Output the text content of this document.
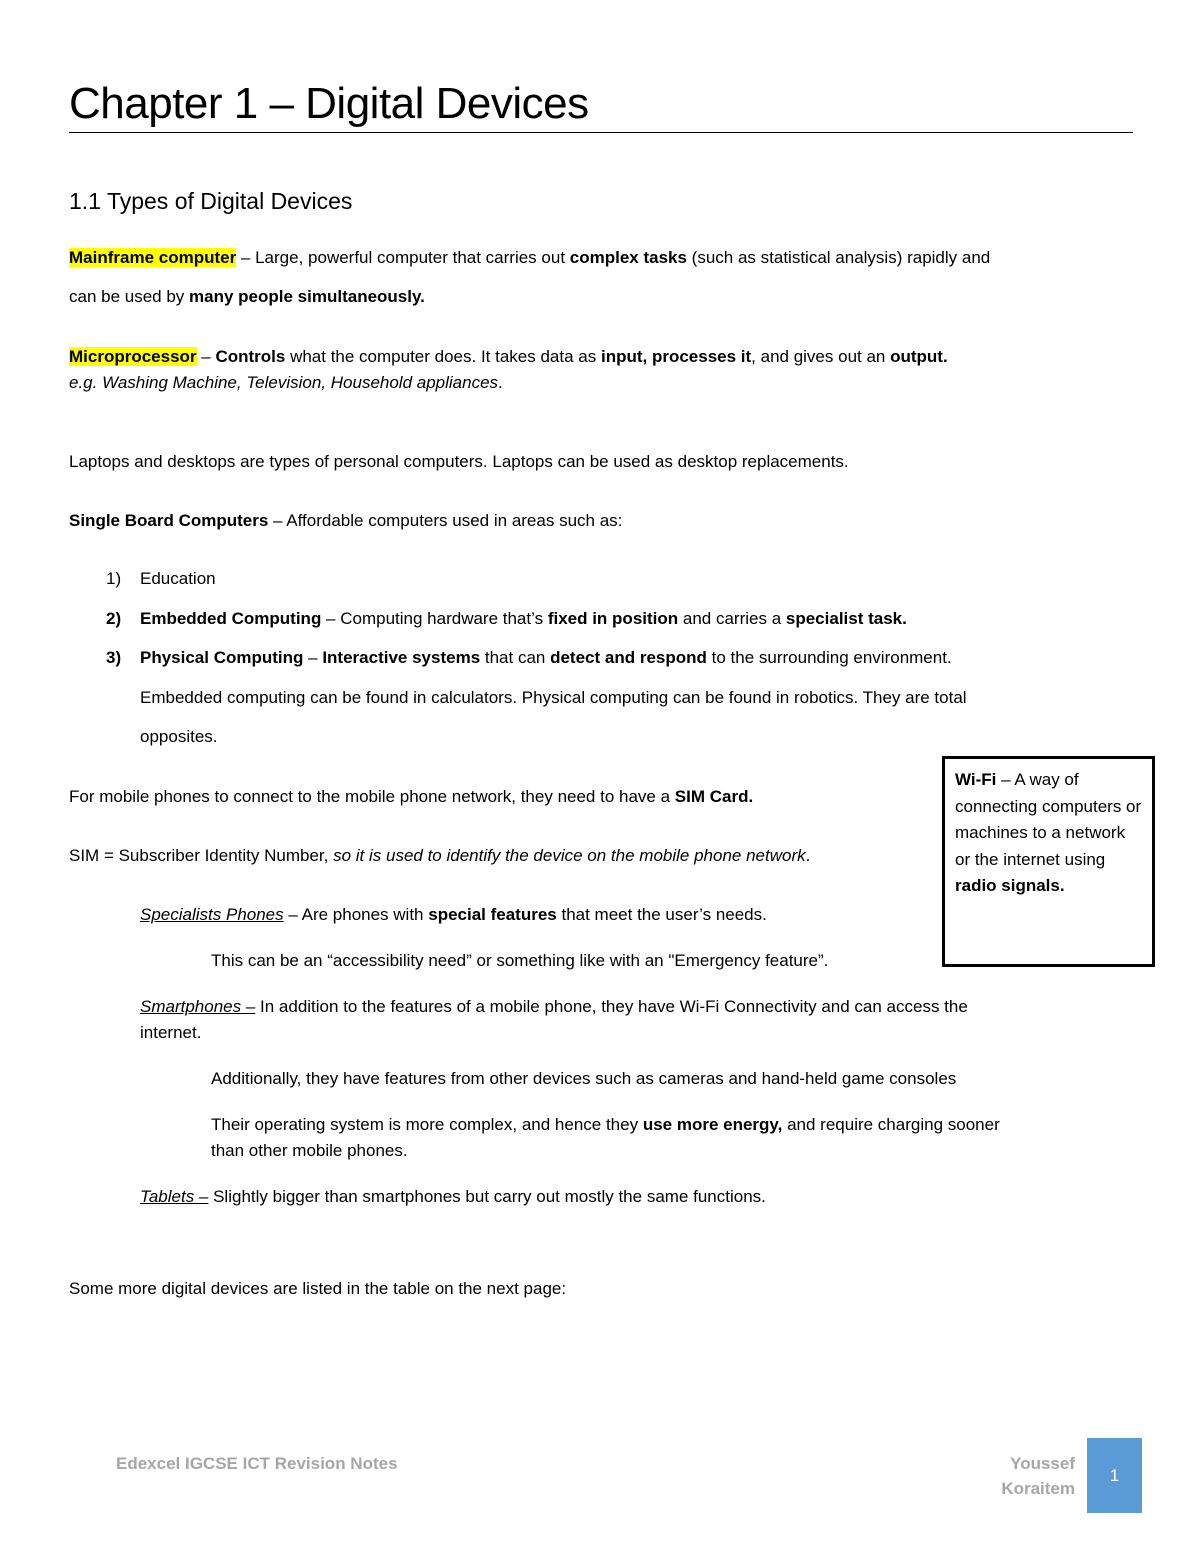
Chapter 1 – Digital Devices
1.1 Types of Digital Devices
Mainframe computer – Large, powerful computer that carries out complex tasks (such as statistical analysis) rapidly and
can be used by many people simultaneously.
Microprocessor – Controls what the computer does. It takes data as input, processes it, and gives out an output.
e.g. Washing Machine, Television, Household appliances.
Laptops and desktops are types of personal computers. Laptops can be used as desktop replacements.
Single Board Computers – Affordable computers used in areas such as:
1) Education
2) Embedded Computing – Computing hardware that’s fixed in position and carries a specialist task.
3) Physical Computing – Interactive systems that can detect and respond to the surrounding environment.
Embedded computing can be found in calculators. Physical computing can be found in robotics. They are total
opposites.
For mobile phones to connect to the mobile phone network, they need to have a SIM Card.
SIM = Subscriber Identity Number, so it is used to identify the device on the mobile phone network.
Specialists Phones – Are phones with special features that meet the user’s needs.
This can be an “accessibility need” or something like with an "Emergency feature”.
Smartphones – In addition to the features of a mobile phone, they have Wi-Fi Connectivity and can access the
internet.
Additionally, they have features from other devices such as cameras and hand-held game consoles
Their operating system is more complex, and hence they use more energy, and require charging sooner
than other mobile phones.
Tablets – Slightly bigger than smartphones but carry out mostly the same functions.
Some more digital devices are listed in the table on the next page:
Wi-Fi – A way of connecting computers or machines to a network or the internet using radio signals.
Edexcel IGCSE ICT Revision Notes	Youssef
Koraitem
1
